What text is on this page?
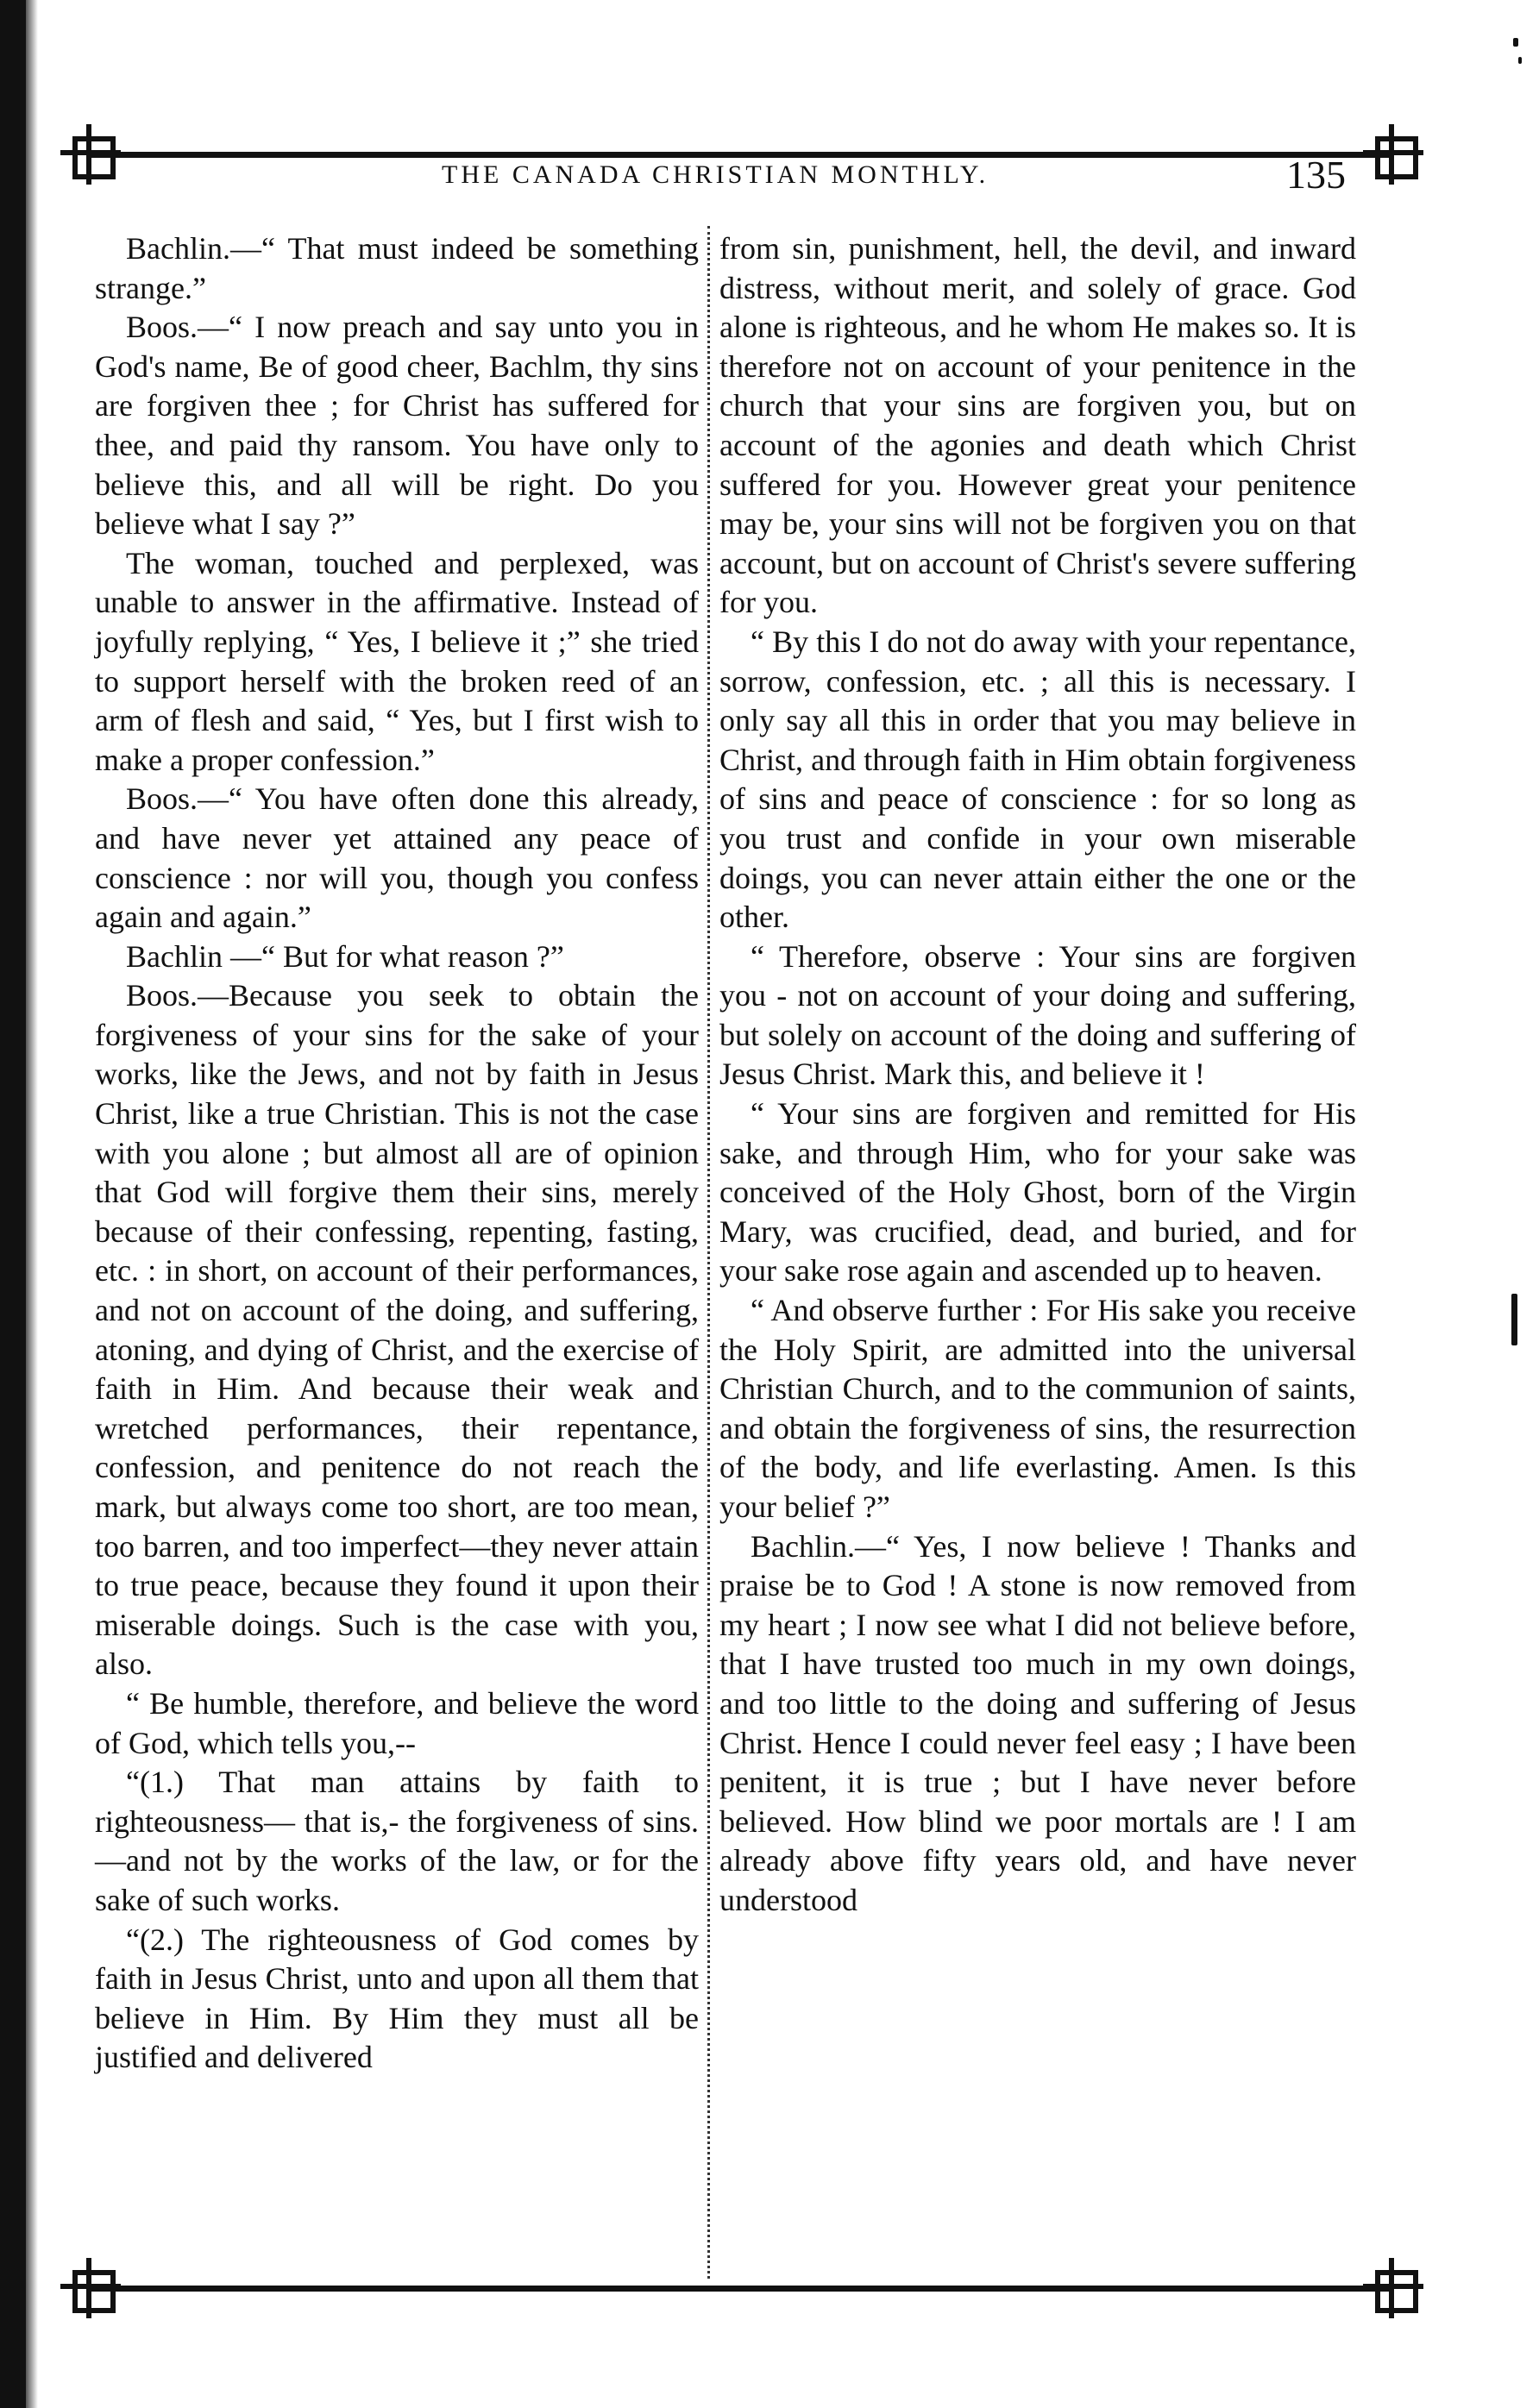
THE CANADA CHRISTIAN MONTHLY.	135

Bachlin.—“ That must indeed be something strange.”

Boos.—“ I now preach and say unto you in God's name, Be of good cheer, Bachlm, thy sins are forgiven thee ; for Christ has suffered for thee, and paid thy ransom. You have only to believe this, and all will be right. Do you believe what I say ?”

The woman, touched and perplexed, was unable to answer in the affirmative. Instead of joyfully replying, “ Yes, I believe it ;” she tried to support herself with the broken reed of an arm of flesh and said, “ Yes, but I first wish to make a proper confession.”

Boos.—“ You have often done this already, and have never yet attained any peace of conscience : nor will you, though you confess again and again.”

Bachlin —“ But for what reason ?”

Boos.—Because you seek to obtain the forgiveness of your sins for the sake of your works, like the Jews, and not by faith in Jesus Christ, like a true Christian. This is not the case with you alone ; but almost all are of opinion that God will forgive them their sins, merely because of their confessing, repenting, fasting, etc. : in short, on account of their performances, and not on account of the doing, and suffering, atoning, and dying of Christ, and the exercise of faith in Him. And because their weak and wretched performances, their repentance, confession, and penitence do not reach the mark, but always come too short, are too mean, too barren, and too imperfect—they never attain to true peace, because they found it upon their miserable doings. Such is the case with you, also.

“ Be humble, therefore, and believe the word of God, which tells you,--

“(1.) That man attains by faith to righteousness— that is,- the forgiveness of sins.—and not by the works of the law, or for the sake of such works.

“(2.) The righteousness of God comes by faith in Jesus Christ, unto and upon all them that believe in Him. By Him they must all be justified and delivered

from sin, punishment, hell, the devil, and inward distress, without merit, and solely of grace. God alone is righteous, and he whom He makes so. It is therefore not on account of your penitence in the church that your sins are forgiven you, but on account of the agonies and death which Christ suffered for you. However great your penitence may be, your sins will not be forgiven you on that account, but on account of Christ's severe suffering for you.

“ By this I do not do away with your repentance, sorrow, confession, etc. ; all this is necessary. I only say all this in order that you may believe in Christ, and through faith in Him obtain forgiveness of sins and peace of conscience : for so long as you trust and confide in your own miserable doings, you can never attain either the one or the other.

“ Therefore, observe : Your sins are forgiven you - not on account of your doing and suffering, but solely on account of the doing and suffering of Jesus Christ. Mark this, and believe it !

“ Your sins are forgiven and remitted for His sake, and through Him, who for your sake was conceived of the Holy Ghost, born of the Virgin Mary, was crucified, dead, and buried, and for your sake rose again and ascended up to heaven.

“ And observe further : For His sake you receive the Holy Spirit, are admitted into the universal Christian Church, and to the communion of saints, and obtain the forgiveness of sins, the resurrection of the body, and life everlasting. Amen. Is this your belief ?”

Bachlin.—“ Yes, I now believe ! Thanks and praise be to God ! A stone is now removed from my heart ; I now see what I did not believe before, that I have trusted too much in my own doings, and too little to the doing and suffering of Jesus Christ. Hence I could never feel easy ; I have been penitent, it is true ; but I have never before believed. How blind we poor mortals are ! I am already above fifty years old, and have never understood
